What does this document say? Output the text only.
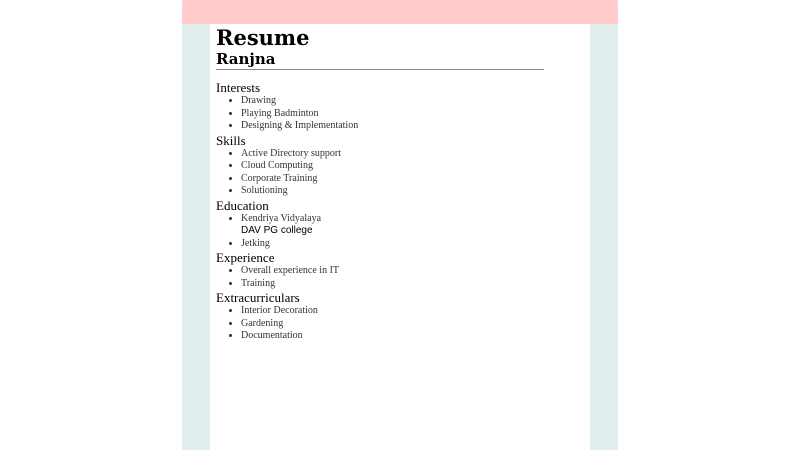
Resume
Ranjna
Interests
• Drawing
• Playing Badminton
• Designing & Implementation
Skills
• Active Directory support
• Cloud Computing
• Corporate Training
• Solutioning
Education
• Kendriya Vidyalaya
DAV PG college
• Jetking
Experience
• Overall experience in IT
• Training
Extracurriculars
• Interior Decoration
• Gardening
• Documentation
